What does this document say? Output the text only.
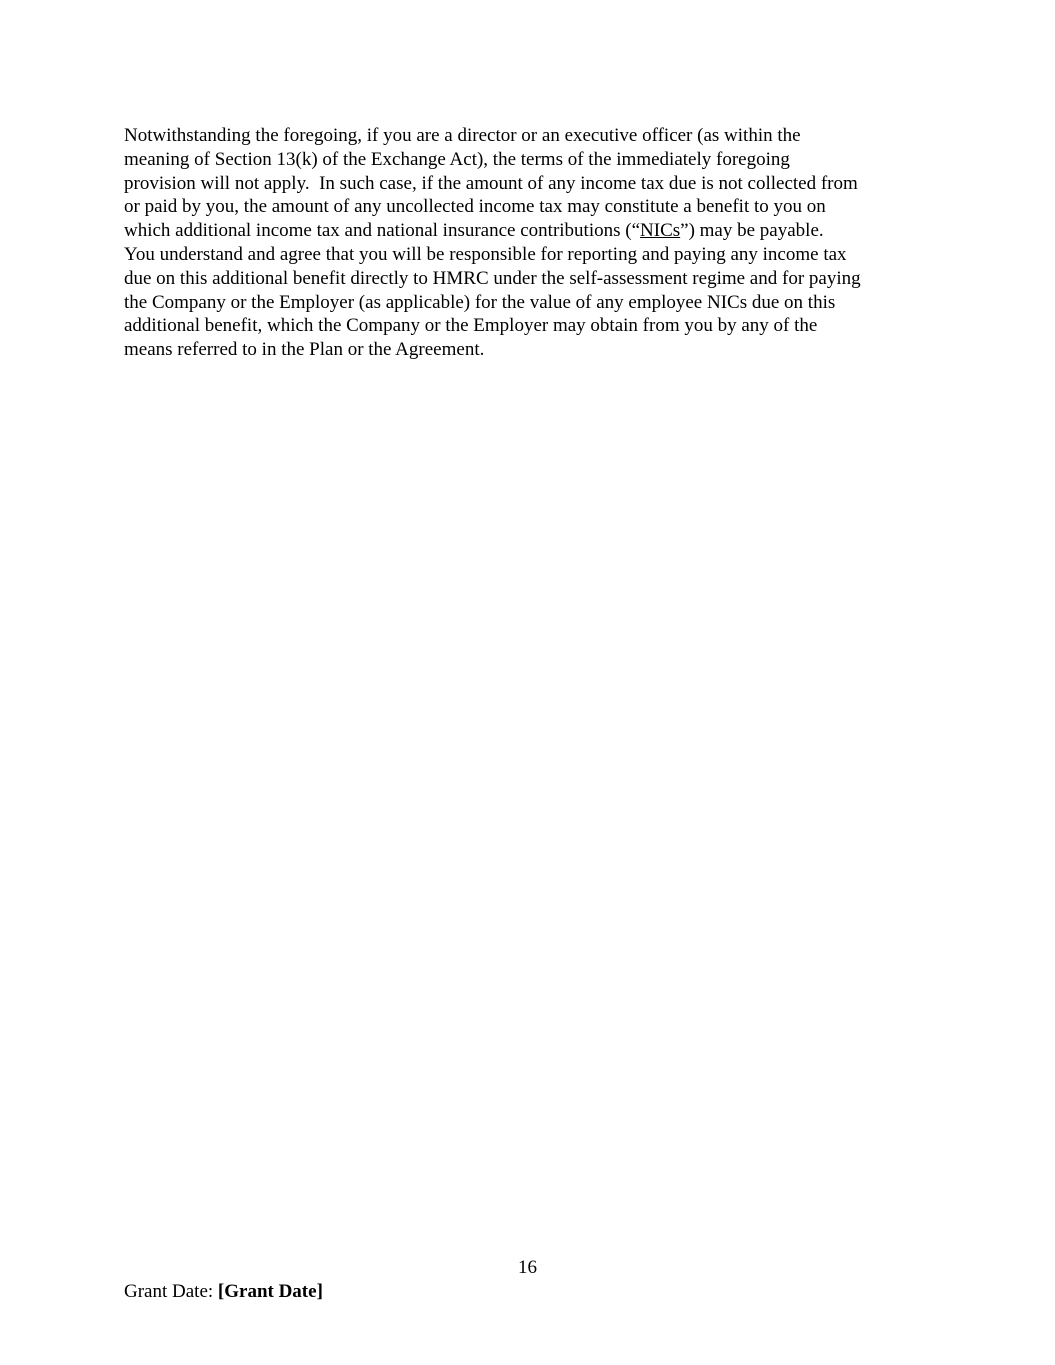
Notwithstanding the foregoing, if you are a director or an executive officer (as within the
meaning of Section 13(k) of the Exchange Act), the terms of the immediately foregoing
provision will not apply.  In such case, if the amount of any income tax due is not collected from
or paid by you, the amount of any uncollected income tax may constitute a benefit to you on
which additional income tax and national insurance contributions (“NICs”) may be payable.
You understand and agree that you will be responsible for reporting and paying any income tax
due on this additional benefit directly to HMRC under the self-assessment regime and for paying
the Company or the Employer (as applicable) for the value of any employee NICs due on this
additional benefit, which the Company or the Employer may obtain from you by any of the
means referred to in the Plan or the Agreement.

16
Grant Date: [Grant Date]
